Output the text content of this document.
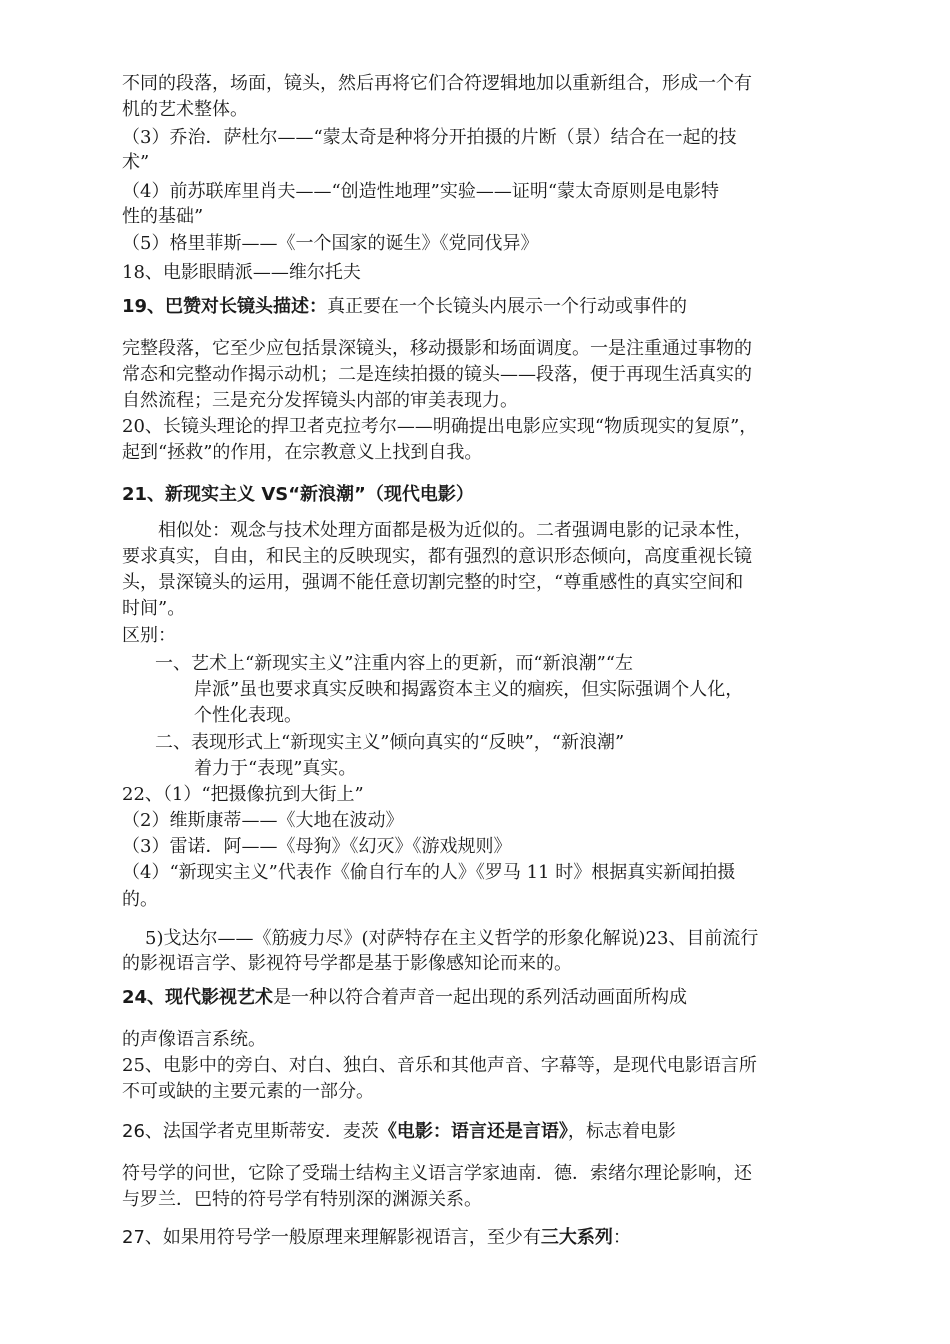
不同的段落，场面，镜头，然后再将它们合符逻辑地加以重新组合，形成一个有
机的艺术整体。
（3）乔治．萨杜尔——“蒙太奇是种将分开拍摄的片断（景）结合在一起的技
术”
（4）前苏联库里肖夫——“创造性地理”实验——证明“蒙太奇原则是电影特
性的基础”
（5）格里菲斯——《一个国家的诞生》《党同伐异》
18、电影眼睛派——维尔托夫
19、巴赞对长镜头描述：真正要在一个长镜头内展示一个行动或事件的
完整段落，它至少应包括景深镜头，移动摄影和场面调度。一是注重通过事物的
常态和完整动作揭示动机；二是连续拍摄的镜头——段落，便于再现生活真实的
自然流程；三是充分发挥镜头内部的审美表现力。
20、长镜头理论的捍卫者克拉考尔——明确提出电影应实现“物质现实的复原”，
起到“拯救”的作用，在宗教意义上找到自我。
21、新现实主义 VS“新浪潮”（现代电影）
相似处：观念与技术处理方面都是极为近似的。二者强调电影的记录本性，
要求真实，自由，和民主的反映现实，都有强烈的意识形态倾向，高度重视长镜
头，景深镜头的运用，强调不能任意切割完整的时空，“尊重感性的真实空间和
时间”。
区别：
一、艺术上“新现实主义”注重内容上的更新，而“新浪潮”“左
岸派”虽也要求真实反映和揭露资本主义的痼疾，但实际强调个人化，
个性化表现。
二、表现形式上“新现实主义”倾向真实的“反映”，“新浪潮”
着力于“表现”真实。
22、（1）“把摄像抗到大街上”
（2）维斯康蒂——《大地在波动》
（3）雷诺．阿——《母狗》《幻灭》《游戏规则》
（4）“新现实主义”代表作《偷自行车的人》《罗马 11 时》根据真实新闻拍摄
的。
5)戈达尔——《筋疲力尽》(对萨特存在主义哲学的形象化解说)23、目前流行
的影视语言学、影视符号学都是基于影像感知论而来的。
24、现代影视艺术是一种以符合着声音一起出现的系列活动画面所构成
的声像语言系统。
25、电影中的旁白、对白、独白、音乐和其他声音、字幕等，是现代电影语言所
不可或缺的主要元素的一部分。
26、法国学者克里斯蒂安．麦茨《电影：语言还是言语》，标志着电影
符号学的问世，它除了受瑞士结构主义语言学家迪南．德．索绪尔理论影响，还
与罗兰．巴特的符号学有特别深的渊源关系。
27、如果用符号学一般原理来理解影视语言，至少有三大系列：
